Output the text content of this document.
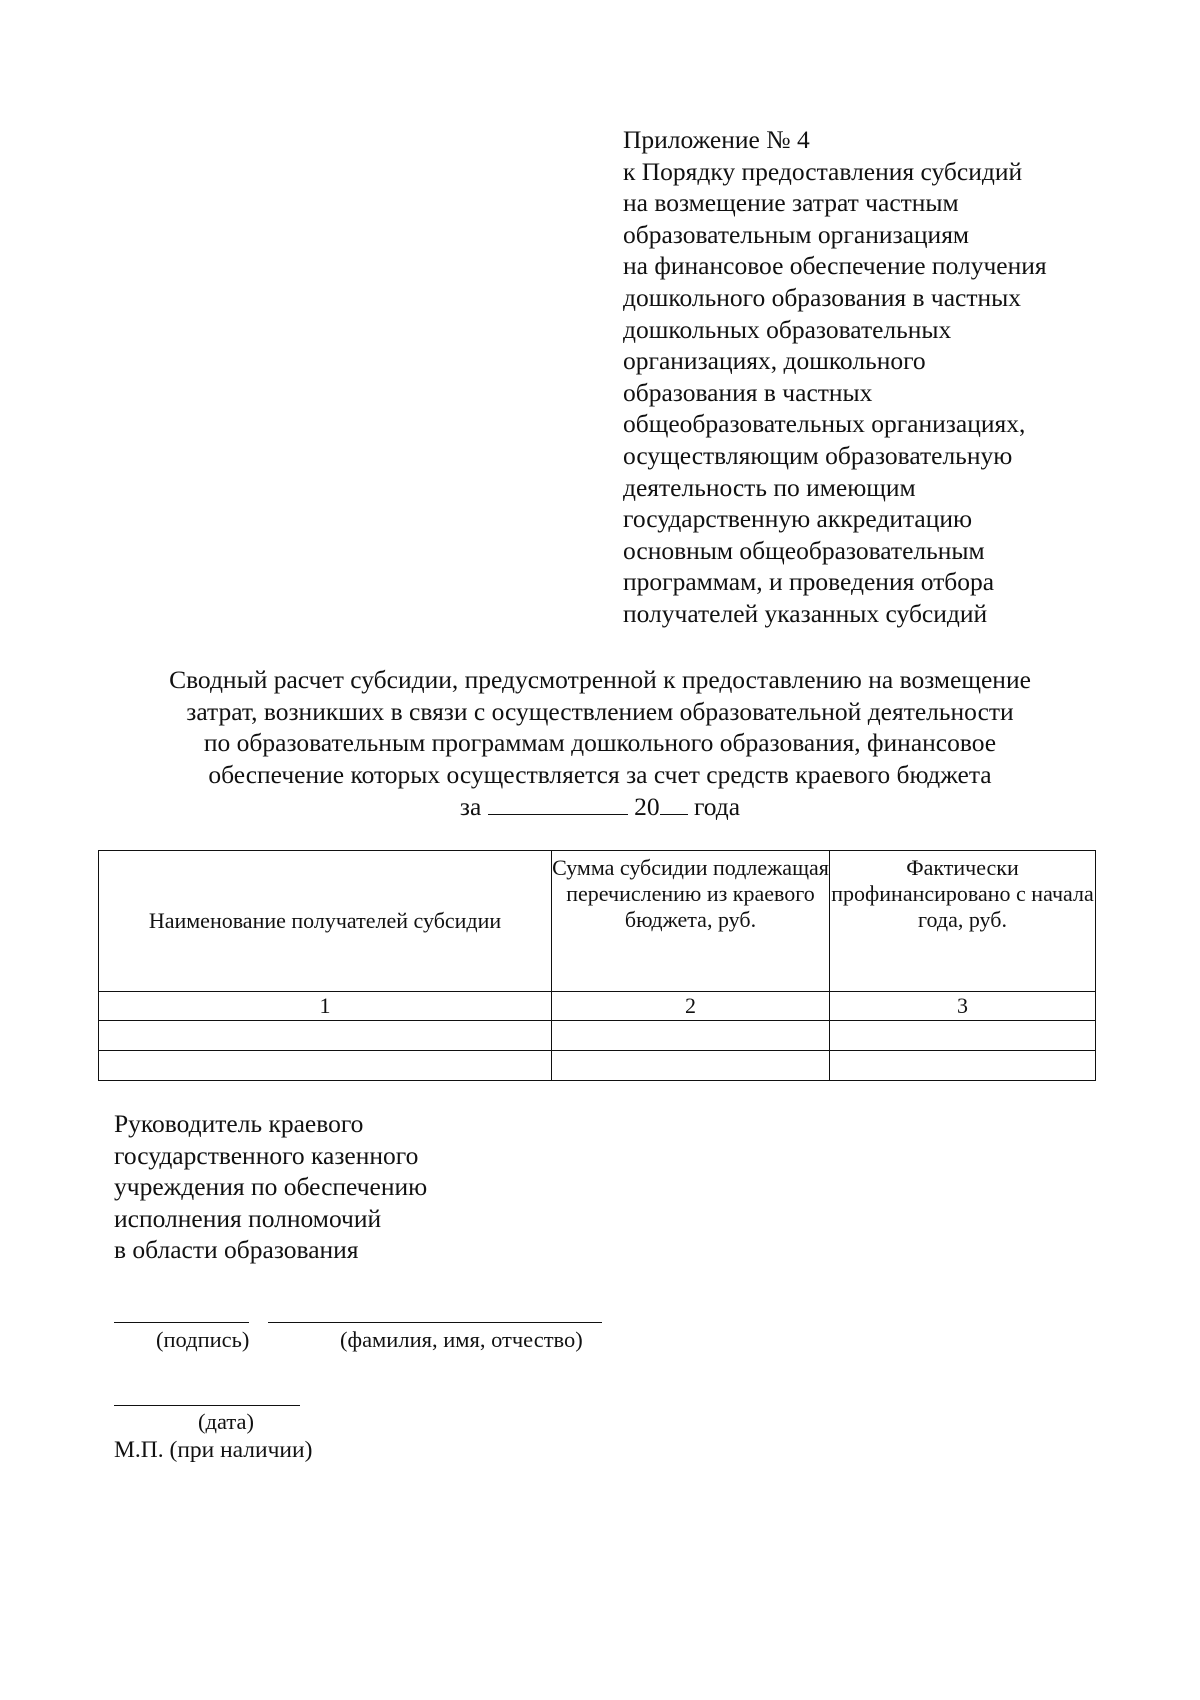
Приложение № 4
к Порядку предоставления субсидий
на возмещение затрат частным
образовательным организациям
на финансовое обеспечение получения
дошкольного образования в частных
дошкольных образовательных
организациях, дошкольного
образования в частных
общеобразовательных организациях,
осуществляющим образовательную
деятельность по имеющим
государственную аккредитацию
основным общеобразовательным
программам, и проведения отбора
получателей указанных субсидий
Сводный расчет субсидии, предусмотренной к предоставлению на возмещение
затрат, возникших в связи с осуществлением образовательной деятельности
по образовательным программам дошкольного образования, финансовое
обеспечение которых осуществляется за счет средств краевого бюджета
за	20 года
Наименование получателей субсидии	Сумма субсидии подлежащая перечислению из краевого бюджета, руб.	Фактически профинансировано с начала года, руб.
1	2	3

Руководитель краевого
государственного казенного
учреждения по обеспечению
исполнения полномочий
в области образования
(подпись)	(фамилия, имя, отчество)
(дата)
М.П. (при наличии)
